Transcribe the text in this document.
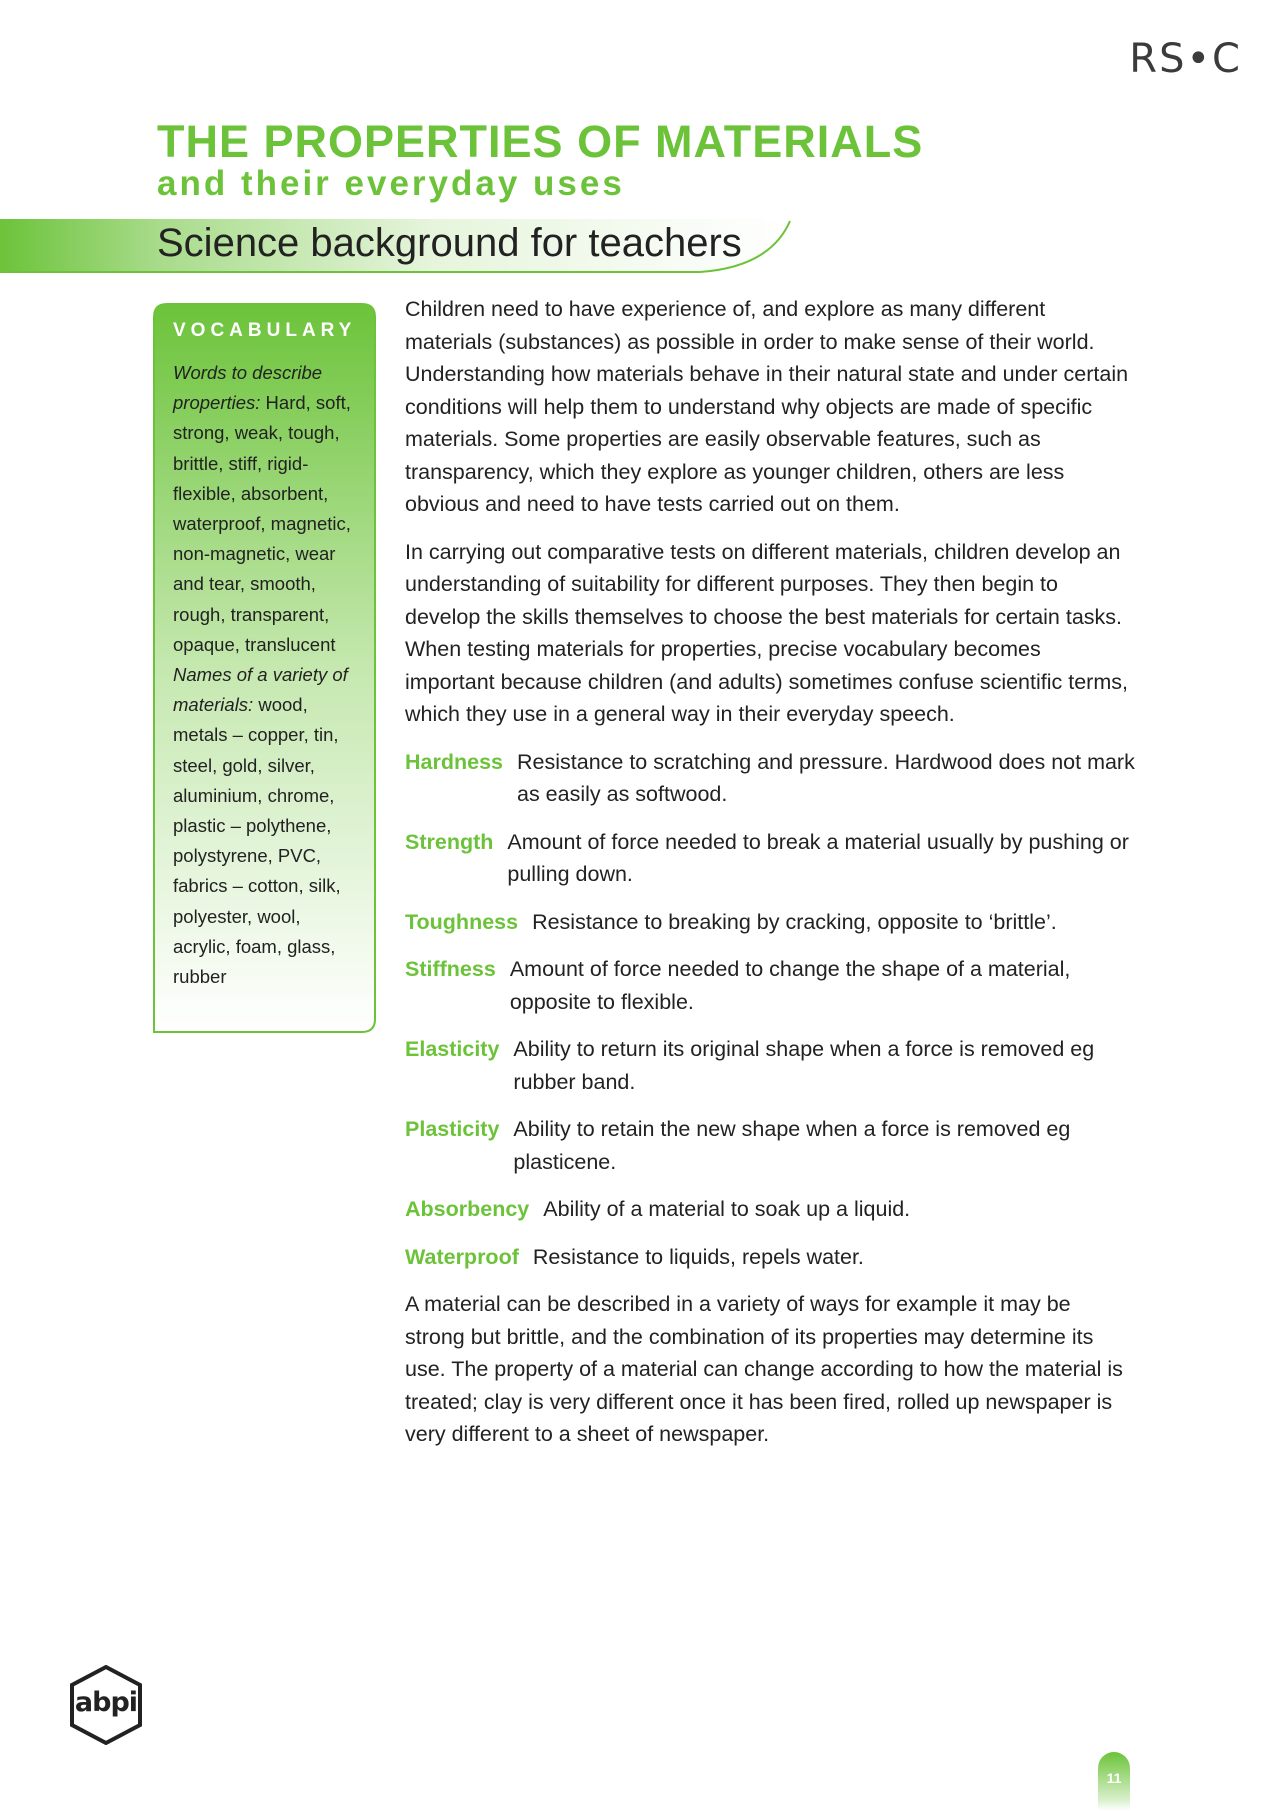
RS•C
THE PROPERTIES OF MATERIALS
and their everyday uses
Science background for teachers
VOCABULARY
Words to describe properties: Hard, soft, strong, weak, tough, brittle, stiff, rigid-flexible, absorbent, waterproof, magnetic, non-magnetic, wear and tear, smooth, rough, transparent, opaque, translucent
Names of a variety of materials: wood, metals – copper, tin, steel, gold, silver, aluminium, chrome, plastic – polythene, polystyrene, PVC, fabrics – cotton, silk, polyester, wool, acrylic, foam, glass, rubber

Children need to have experience of, and explore as many different materials (substances) as possible in order to make sense of their world. Understanding how materials behave in their natural state and under certain conditions will help them to understand why objects are made of specific materials. Some properties are easily observable features, such as transparency, which they explore as younger children, others are less obvious and need to have tests carried out on them.

In carrying out comparative tests on different materials, children develop an understanding of suitability for different purposes. They then begin to develop the skills themselves to choose the best materials for certain tasks. When testing materials for properties, precise vocabulary becomes important because children (and adults) sometimes confuse scientific terms, which they use in a general way in their everyday speech.

Hardness Resistance to scratching and pressure. Hardwood does not mark as easily as softwood.
Strength Amount of force needed to break a material usually by pushing or pulling down.
Toughness Resistance to breaking by cracking, opposite to ‘brittle’.
Stiffness Amount of force needed to change the shape of a material, opposite to flexible.
Elasticity Ability to return its original shape when a force is removed eg rubber band.
Plasticity Ability to retain the new shape when a force is removed eg plasticene.
Absorbency Ability of a material to soak up a liquid.
Waterproof Resistance to liquids, repels water.

A material can be described in a variety of ways for example it may be strong but brittle, and the combination of its properties may determine its use. The property of a material can change according to how the material is treated; clay is very different once it has been fired, rolled up newspaper is very different to a sheet of newspaper.

abpi
11
